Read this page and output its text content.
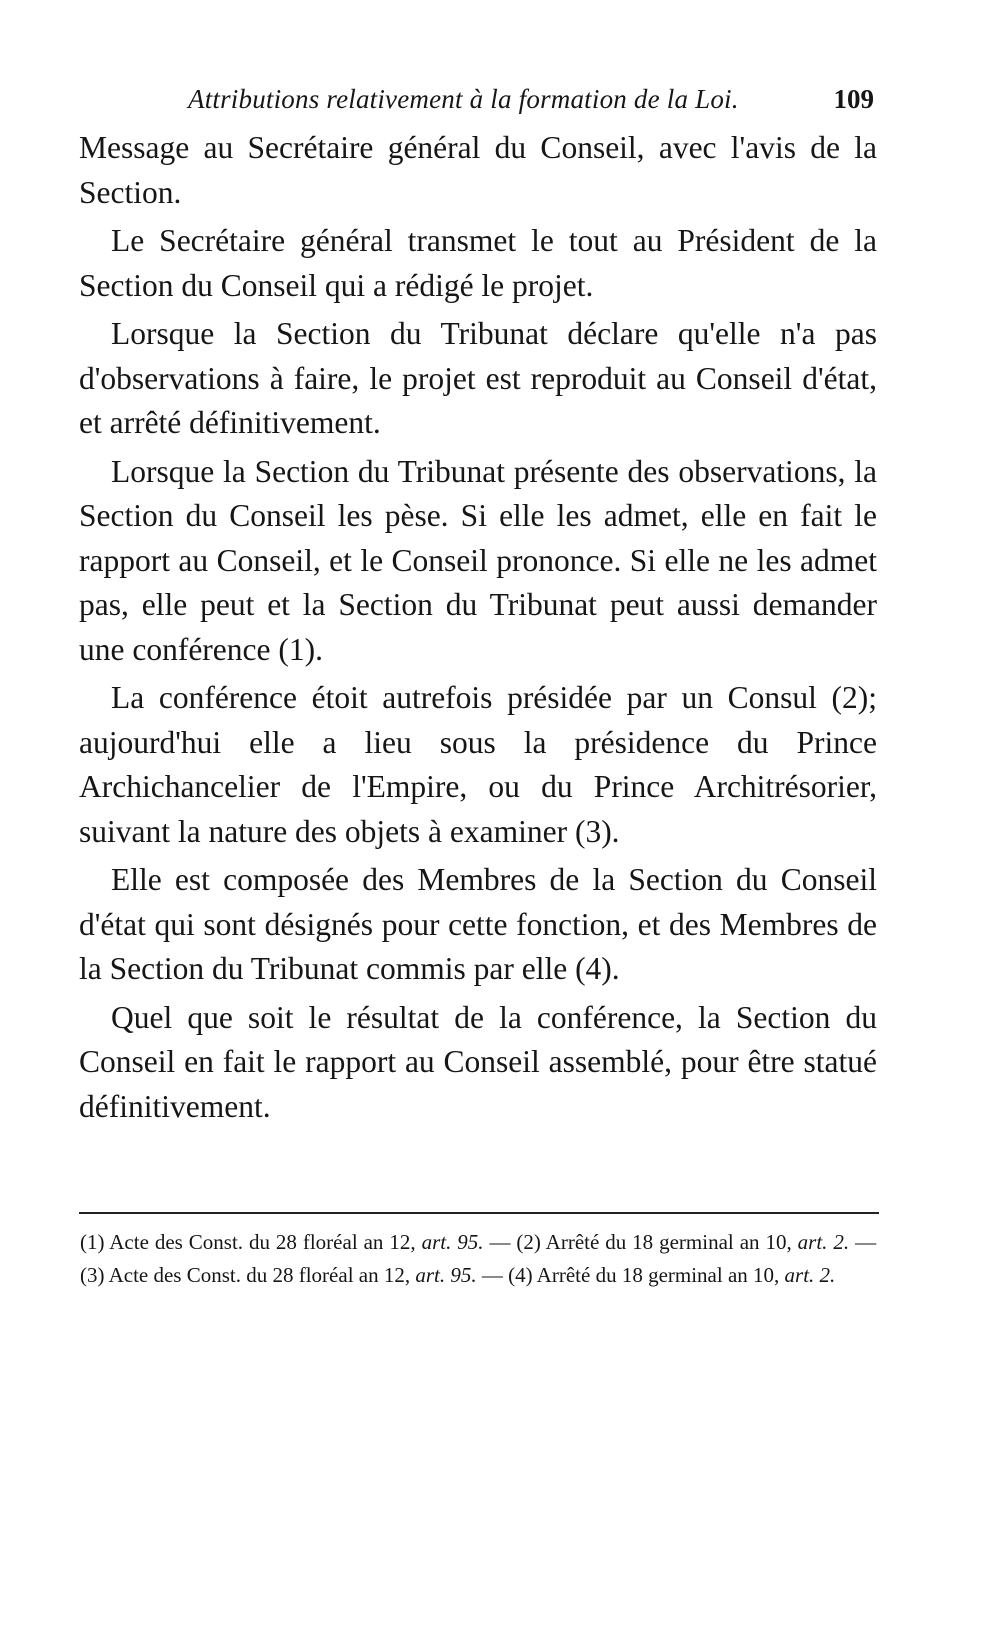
Attributions relativement à la formation de la Loi.	109

Message au Secrétaire général du Conseil, avec l'avis de la Section.

Le Secrétaire général transmet le tout au Président de la Section du Conseil qui a rédigé le projet.

Lorsque la Section du Tribunat déclare qu'elle n'a pas d'observations à faire, le projet est reproduit au Conseil d'état, et arrêté définitivement.

Lorsque la Section du Tribunat présente des observations, la Section du Conseil les pèse. Si elle les admet, elle en fait le rapport au Conseil, et le Conseil prononce. Si elle ne les admet pas, elle peut et la Section du Tribunat peut aussi demander une conférence (1).

La conférence étoit autrefois présidée par un Consul (2); aujourd'hui elle a lieu sous la présidence du Prince Archichancelier de l'Empire, ou du Prince Architrésorier, suivant la nature des objets à examiner (3).

Elle est composée des Membres de la Section du Conseil d'état qui sont désignés pour cette fonction, et des Membres de la Section du Tribunat commis par elle (4).

Quel que soit le résultat de la conférence, la Section du Conseil en fait le rapport au Conseil assemblé, pour être statué définitivement.

(1) Acte des Const. du 28 floréal an 12, art. 95. — (2) Arrêté du 18 germinal an 10, art. 2. — (3) Acte des Const. du 28 floréal an 12, art. 95. — (4) Arrêté du 18 germinal an 10, art. 2.
